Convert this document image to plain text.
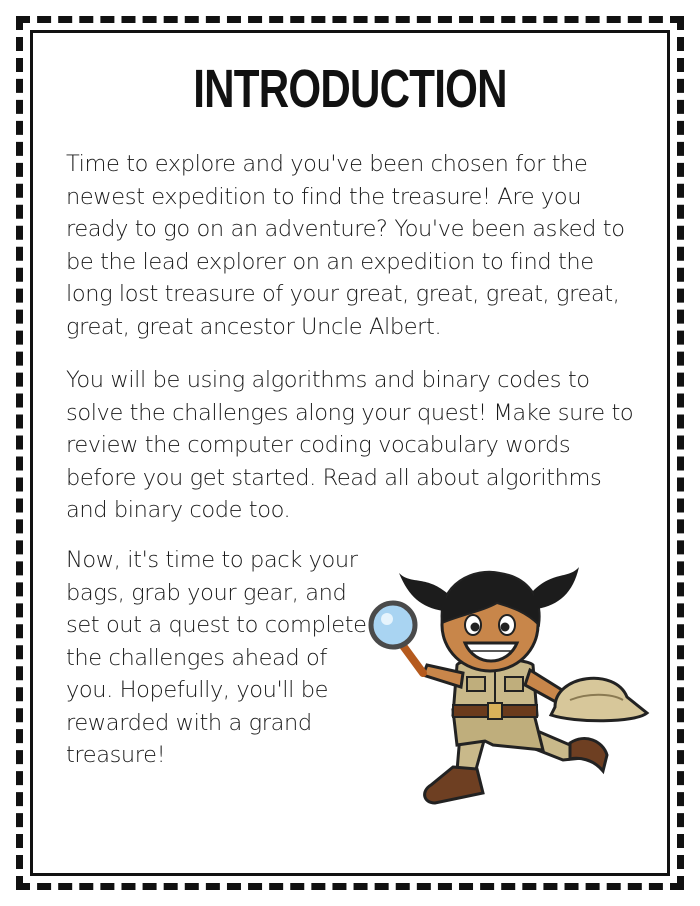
INTRODUCTION

Time to explore and you've been chosen for the newest expedition to find the treasure! Are you ready to go on an adventure? You've been asked to be the lead explorer on an expedition to find the long lost treasure of your great, great, great, great, great, great ancestor Uncle Albert.

You will be using algorithms and binary codes to solve the challenges along your quest! Make sure to review the computer coding vocabulary words before you get started. Read all about algorithms and binary code too.

Now, it's time to pack your bags, grab your gear, and set out a quest to complete the challenges ahead of you. Hopefully, you'll be rewarded with a grand treasure!
